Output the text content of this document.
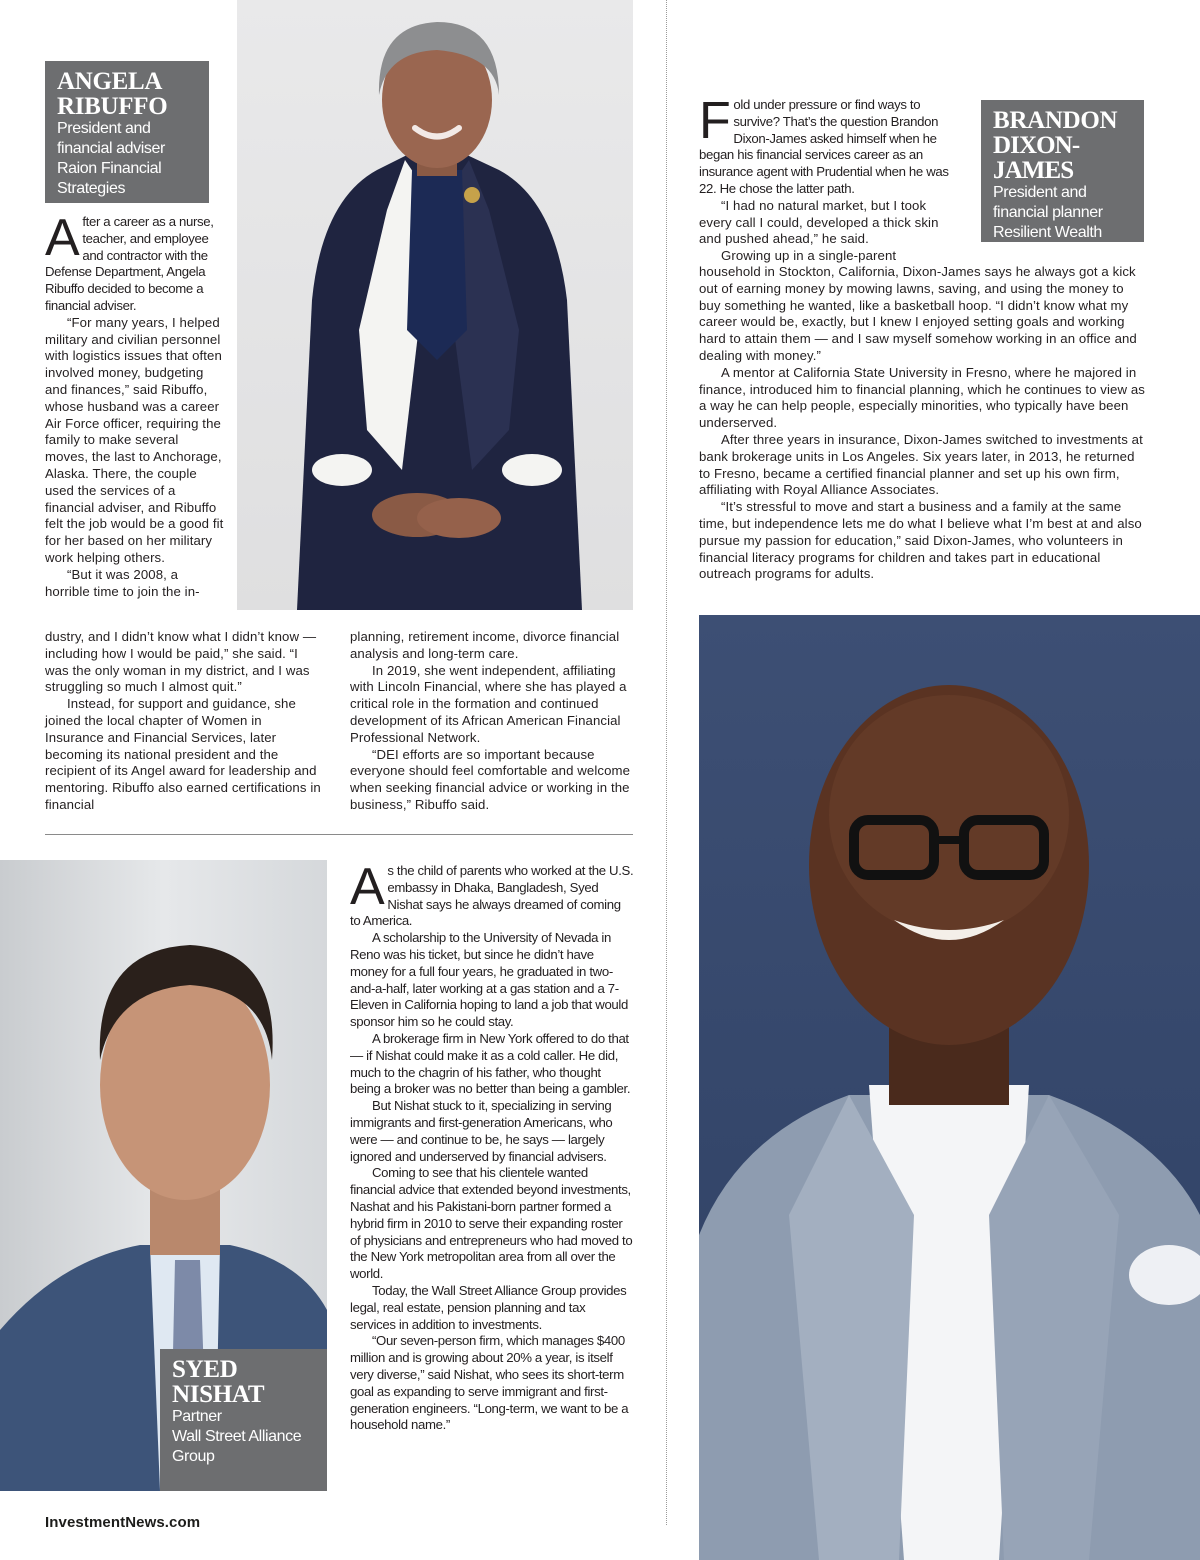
ANGELA
RIBUFFO
President and
financial adviser
Raion Financial
Strategies

After a career as a nurse, teacher, and employee and contractor with the Defense Department, Angela Ribuffo decided to become a financial adviser.

“For many years, I helped military and civilian personnel with logistics issues that often involved money, budgeting and finances,” said Ribuffo, whose husband was a career Air Force officer, requiring the family to make several moves, the last to Anchorage, Alaska. There, the couple used the services of a financial adviser, and Ribuffo felt the job would be a good fit for her based on her military work helping others.

“But it was 2008, a horrible time to join the in-

dustry, and I didn’t know what I didn’t know — including how I would be paid,” she said. “I was the only woman in my district, and I was struggling so much I almost quit.”

Instead, for support and guidance, she joined the local chapter of Women in Insurance and Financial Services, later becoming its national president and the recipient of its Angel award for leadership and mentoring. Ribuffo also earned certifications in financial

planning, retirement income, divorce financial analysis and long-term care.

In 2019, she went independent, affiliating with Lincoln Financial, where she has played a critical role in the formation and continued development of its African American Financial Professional Network.

“DEI efforts are so important because everyone should feel comfortable and welcome when seeking financial advice or working in the business,” Ribuffo said.

BRANDON
DIXON-JAMES
President and
financial planner
Resilient Wealth
Management

Fold under pressure or find ways to survive? That’s the question Brandon Dixon-James asked himself when he began his financial services career as an insurance agent with Prudential when he was 22. He chose the latter path.

“I had no natural market, but I took every call I could, developed a thick skin and pushed ahead,” he said.

Growing up in a single-parent

household in Stockton, California, Dixon-James says he always got a kick out of earning money by mowing lawns, saving, and using the money to buy something he wanted, like a basketball hoop. “I didn’t know what my career would be, exactly, but I knew I enjoyed setting goals and working hard to attain them — and I saw myself somehow working in an office and dealing with money.”

A mentor at California State University in Fresno, where he majored in finance, introduced him to financial planning, which he continues to view as a way he can help people, especially minorities, who typically have been underserved.

After three years in insurance, Dixon-James switched to investments at bank brokerage units in Los Angeles. Six years later, in 2013, he returned to Fresno, became a certified financial planner and set up his own firm, affiliating with Royal Alliance Associates.

“It’s stressful to move and start a business and a family at the same time, but independence lets me do what I believe what I’m best at and also pursue my passion for education,” said Dixon-James, who volunteers in financial literacy programs for children and takes part in educational outreach programs for adults.

SYED
NISHAT
Partner
Wall Street Alliance
Group

As the child of parents who worked at the U.S. embassy in Dhaka, Bangladesh, Syed Nishat says he always dreamed of coming to America.

A scholarship to the University of Nevada in Reno was his ticket, but since he didn’t have money for a full four years, he graduated in two-and-a-half, later working at a gas station and a 7-Eleven in California hoping to land a job that would sponsor him so he could stay.

A brokerage firm in New York offered to do that — if Nishat could make it as a cold caller. He did, much to the chagrin of his father, who thought being a broker was no better than being a gambler.

But Nishat stuck to it, specializing in serving immigrants and first-generation Americans, who were — and continue to be, he says — largely ignored and underserved by financial advisers.

Coming to see that his clientele wanted financial advice that extended beyond investments, Nashat and his Pakistani-born partner formed a hybrid firm in 2010 to serve their expanding roster of physicians and entrepreneurs who had moved to the New York metropolitan area from all over the world.

Today, the Wall Street Alliance Group provides legal, real estate, pension planning and tax services in addition to investments.

“Our seven-person firm, which manages $400 million and is growing about 20% a year, is itself very diverse,” said Nishat, who sees its short-term goal as expanding to serve immigrant and first-generation engineers. “Long-term, we want to be a household name.”

InvestmentNews.com
